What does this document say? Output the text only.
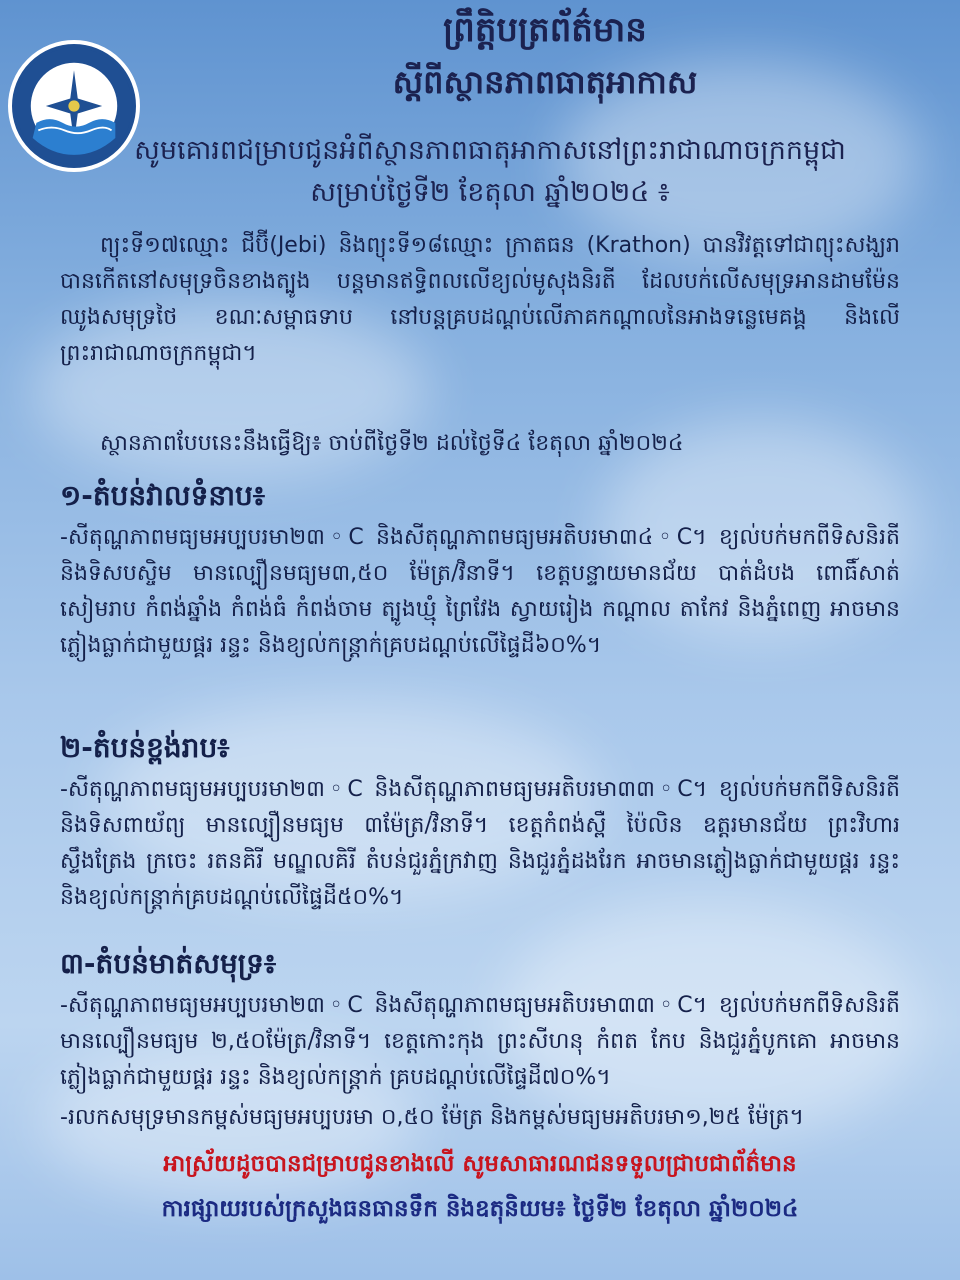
ព្រឹត្តិបត្រព័ត៌មាន
ស្តីពីស្ថានភាពធាតុអាកាស
សូមគោរពជម្រាបជូនអំពីស្ថានភាពធាតុអាកាសនៅព្រះរាជាណាចក្រកម្ពុជា
សម្រាប់ថ្ងៃទី២ ខែតុលា ឆ្នាំ២០២៤ ៖
ព្យុះទី១៧ឈ្មោះ ជីប៊ី(Jebi) និងព្យុះទី១៨ឈ្មោះ ក្រាតធន (Krathon) បានវិវត្តទៅជាព្យុះសង្ឃរា បានកើតនៅសមុទ្រចិនខាងត្បូង បន្តមានឥទ្ធិពលលើខ្យល់មូសុងនិរតី ដែលបក់លើសមុទ្រអានដាមម៉ែន ឈូងសមុទ្រថៃ ខណៈសម្ពាធទាប នៅបន្តគ្របដណ្តប់លើភាគកណ្តាលនៃអាងទន្លេមេគង្គ និងលើព្រះរាជាណាចក្រកម្ពុជា។
ស្ថានភាពបែបនេះនឹងធ្វើឱ្យ៖ ចាប់ពីថ្ងៃទី២ ដល់ថ្ងៃទី៤ ខែតុលា ឆ្នាំ២០២៤
១-តំបន់វាលទំនាប៖
-សីតុណ្ហភាពមធ្យមអប្បបរមា២៣◦C និងសីតុណ្ហភាពមធ្យមអតិបរមា៣៤◦C។ ខ្យល់បក់មកពីទិសនិរតី និងទិសបស្ចិម មានល្បឿនមធ្យម៣,៥០ ម៉ែត្រ/វិនាទី។ ខេត្តបន្ទាយមានជ័យ បាត់ដំបង ពោធិ៍សាត់ សៀមរាប កំពង់ឆ្នាំង កំពង់ធំ កំពង់ចាម ត្បូងឃ្មុំ ព្រៃវែង ស្វាយរៀង កណ្តាល តាកែវ និងភ្នំពេញ អាចមានភ្លៀងធ្លាក់ជាមួយផ្គរ រន្ទះ និងខ្យល់កន្ត្រាក់គ្របដណ្តប់លើផ្ទៃដី៦០%។
២-តំបន់ខ្ពង់រាប៖
-សីតុណ្ហភាពមធ្យមអប្បបរមា២៣◦C និងសីតុណ្ហភាពមធ្យមអតិបរមា៣៣◦C។ ខ្យល់បក់មកពីទិសនិរតី និងទិសពាយ័ព្យ មានល្បឿនមធ្យម ៣ម៉ែត្រ/វិនាទី។ ខេត្តកំពង់ស្ពឺ ប៉ៃលិន ឧត្តរមានជ័យ ព្រះវិហារ ស្ទឹងត្រែង ក្រចេះ រតនគិរី មណ្ឌលគិរី តំបន់ជួរភ្នំក្រវាញ និងជួរភ្នំដងរែក អាចមានភ្លៀងធ្លាក់ជាមួយផ្គរ រន្ទះ និងខ្យល់កន្ត្រាក់គ្របដណ្តប់លើផ្ទៃដី៥០%។
៣-តំបន់មាត់សមុទ្រ៖
-សីតុណ្ហភាពមធ្យមអប្បបរមា២៣◦C និងសីតុណ្ហភាពមធ្យមអតិបរមា៣៣◦C។ ខ្យល់បក់មកពីទិសនិរតី មានល្បឿនមធ្យម ២,៥០ម៉ែត្រ/វិនាទី។ ខេត្តកោះកុង ព្រះសីហនុ កំពត កែប និងជួរភ្នំបូកគោ អាចមានភ្លៀងធ្លាក់ជាមួយផ្គរ រន្ទះ និងខ្យល់កន្ត្រាក់ គ្របដណ្តប់លើផ្ទៃដី៧០%។
-រលកសមុទ្រមានកម្ពស់មធ្យមអប្បបរមា ០,៥០ ម៉ែត្រ និងកម្ពស់មធ្យមអតិបរមា១,២៥ ម៉ែត្រ។
អាស្រ័យដូចបានជម្រាបជូនខាងលើ សូមសាធារណជនទទួលជ្រាបជាព័ត៌មាន
ការផ្សាយរបស់ក្រសួងធនធានទឹក និងឧតុនិយម៖ ថ្ងៃទី២ ខែតុលា ឆ្នាំ២០២៤
